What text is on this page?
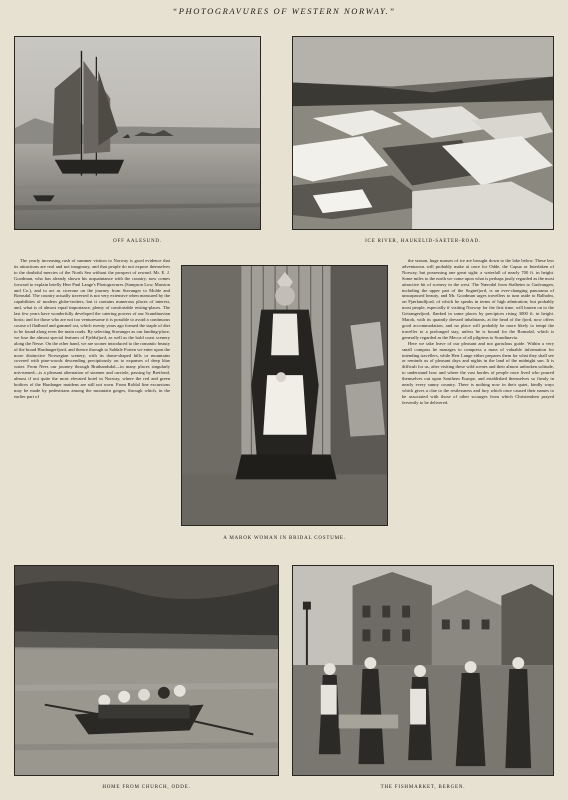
“PHOTOGRAVURES OF WESTERN NORWAY.”
OFF AALESUND.	ICE RIVER, HAUKELID-SAETER-ROAD.

The yearly increasing rush of summer visitors to Norway is good evidence that its attractions are real and not imaginary, and that people do not expose themselves to the doubtful mercies of the North Sea without the prospect of reward. Mr. E. J. Goodman, who has already shown his acquaintance with the country, now comes forward to explain briefly Herr Paul Lange's Photogravures (Sampson Low, Marston and Co.), and to act as cicerone on the journey from Stavanger to Molde and Romsdal. The country actually traversed is not very extensive when measured by the capabilities of modern globe-trotters, but it contains numerous places of interest, and, what is of almost equal importance, plenty of comfortable resting-places. The last few years have wonderfully developed the catering powers of our Scandinavian hosts; and for those who are not too venturesome it is possible to avoid a continuous course of fladbrod and gammel ost, which twenty years ago formed the staple of diet to be found along even the main roads. By selecting Stavanger as our landing-place, we lose the almost special features of Fjeldsfjord, as well as the bold coast scenery along the Nesse. On the other hand, we are sooner introduced to the romantic beauty of the broad Hardangerfjord, and thence through to Saldale Forten we enter upon the more distinctive Norwegian scenery, with its dome-shaped hills or mountains covered with pine-woods descending precipitously on to expanses of deep blue water. From Nees our journey through Brathandsdal—in many places singularly mis-named—is a pleasant alternation of steamer and carriole, passing by Breifond, almost if not quite the most elevated hotel in Norway, where the red and green bodices of the Hardanger maidens are still not worn. From Roldal fine excursions may be made by pedestrians among the mountain gorges, through which, in the earlier part of

A MAROK WOMAN IN BRIDAL COSTUME.

the season, huge masses of ice are brought down to the lake below. These less adventurous will probably make at once for Odde, the Capua or Interlaken of Norway, but possessing one great sight: a waterfall of nearly 700 ft. in height. Some miles to the north we come upon what is perhaps justly regarded as the most attractive bit of scenery in the west. The Nærodal from Stalheim to Gudvangen, including the upper part of the Sognefjord, is an ever-changing panorama of unsurpassed beauty, and Mr. Goodman urges travellers to turn aside to Balholm, on Fjærlandfjord, of which he speaks in terms of high admiration; but probably most people, especially if visiting Norway for the first time, will hasten on to the Geirangerfjord, flanked in some places by precipices rising 3000 ft. in height. Marok, with its quaintly dressed inhabitants, at the head of the fjord, now offers good accommodation, and no place will probably be more likely to tempt the traveller to a prolonged stay, unless he is bound for the Romsdal, which is generally regarded as the Mecca of all pilgrims to Scandinavia.

Here we take leave of our pleasant and not garrulous guide. Within a very small compass he manages to compress a mass of valuable information for intending travellers, while Herr Lange either prepares them for what they shall see or reminds us of pleasant days and nights in the land of the midnight sun. It is difficult for us, after visiting these wild scenes and their almost unbroken solitude, to understand how and where the vast hordes of people once lived who poured themselves out upon Southern Europe, and established themselves so firmly in nearly every sunny country. There is nothing now in their quiet, kindly ways which gives a clue to the restlessness and fury which once caused their names to be associated with those of other scourges from which Christendom prayed fervently to be delivered.

HOME FROM CHURCH, ODDE.	THE FISHMARKET, BERGEN.
